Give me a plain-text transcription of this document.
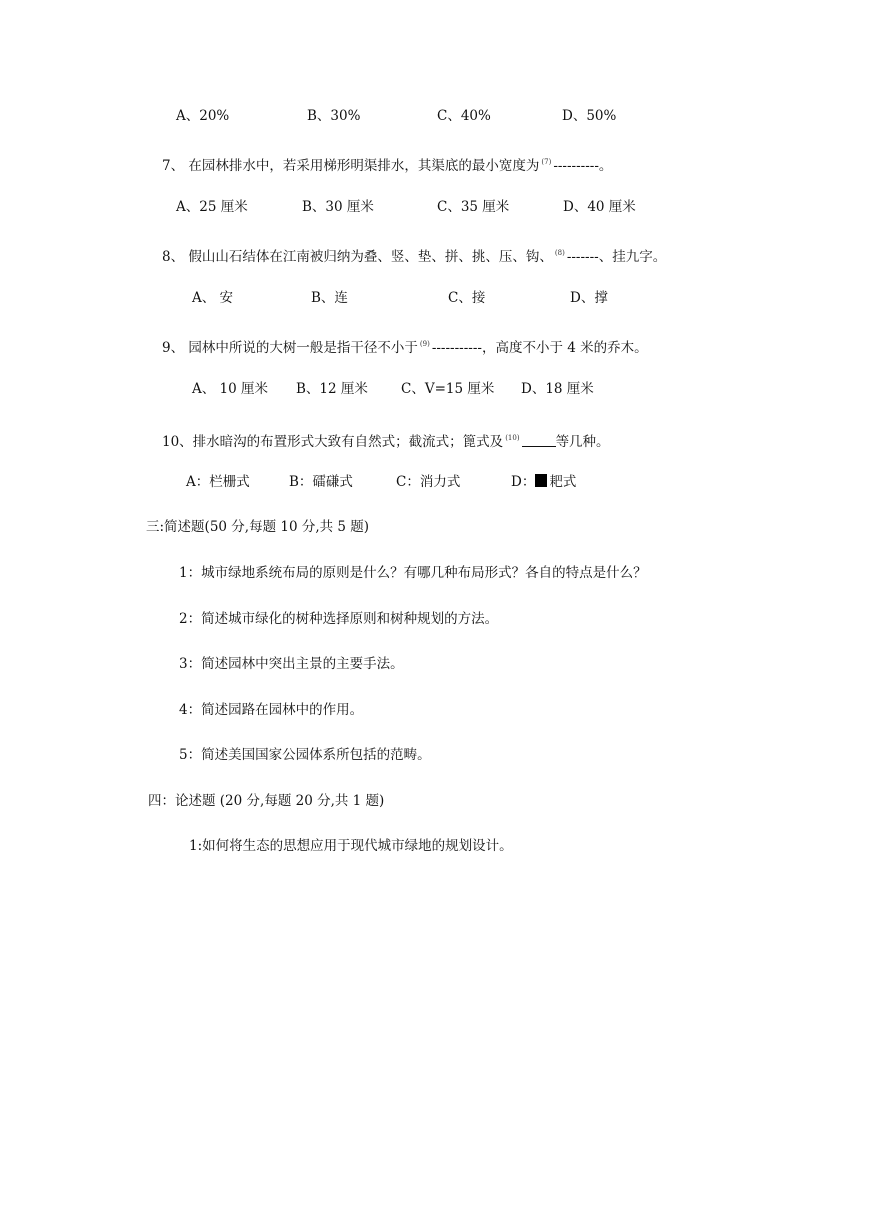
A、20%	B、30%	C、40%	D、50%
7、 在园林排水中，若采用梯形明渠排水，其渠底的最小宽度为 $^{(7)}$ ----------。
A、25 厘米	B、30 厘米	C、35 厘米	D、40 厘米
8、 假山山石结体在江南被归纳为叠、竖、垫、拼、挑、压、钩、 $^{(8)}$ -------、挂九字。
A、 安	B、连	C、接	D、撑
9、 园林中所说的大树一般是指干径不小于 $^{(9)}$ -----------，高度不小于 4 米的乔木。
A、 10 厘米 B、12 厘米 C、V=15 厘米 D、18 厘米
10、排水暗沟的布置形式大致有自然式；截流式；篦式及 $^{(10)}$	等几种。
A：栏栅式	B：礌磏式	C：消力式	D： 耙式
三:简述题(50 分,每题 10 分,共 5 题)
1：城市绿地系统布局的原则是什么？有哪几种布局形式？各自的特点是什么？
2：简述城市绿化的树种选择原则和树种规划的方法。
3：简述园林中突出主景的主要手法。
4：简述园路在园林中的作用。
5：简述美国国家公园体系所包括的范畴。
四：论述题 (20 分,每题 20 分,共 1 题)
1:如何将生态的思想应用于现代城市绿地的规划设计。
